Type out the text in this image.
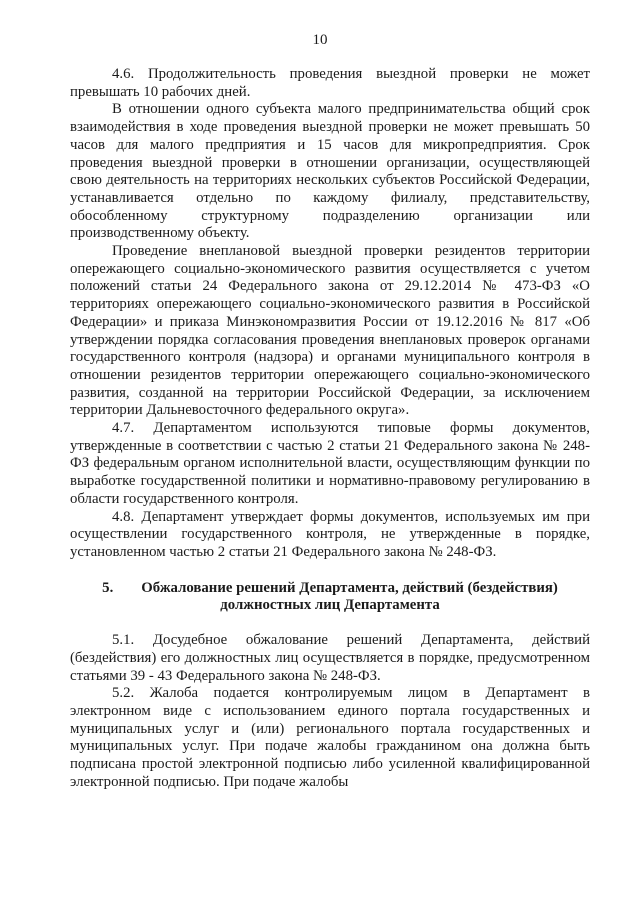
10

4.6. Продолжительность проведения выездной проверки не может превышать 10 рабочих дней.

В отношении одного субъекта малого предпринимательства общий срок взаимодействия в ходе проведения выездной проверки не может превышать 50 часов для малого предприятия и 15 часов для микропредприятия. Срок проведения выездной проверки в отношении организации, осуществляющей свою деятельность на территориях нескольких субъектов Российской Федерации, устанавливается отдельно по каждому филиалу, представительству, обособленному структурному подразделению организации или производственному объекту.

Проведение внеплановой выездной проверки резидентов территории опережающего социально-экономического развития осуществляется с учетом положений статьи 24 Федерального закона от 29.12.2014 № 473-ФЗ «О территориях опережающего социально-экономического развития в Российской Федерации» и приказа Минэкономразвития России от 19.12.2016 № 817 «Об утверждении порядка согласования проведения внеплановых проверок органами государственного контроля (надзора) и органами муниципального контроля в отношении резидентов территории опережающего социально-экономического развития, созданной на территории Российской Федерации, за исключением территории Дальневосточного федерального округа».

4.7. Департаментом используются типовые формы документов, утвержденные в соответствии с частью 2 статьи 21 Федерального закона № 248-ФЗ федеральным органом исполнительной власти, осуществляющим функции по выработке государственной политики и нормативно-правовому регулированию в области государственного контроля.

4.8. Департамент утверждает формы документов, используемых им при осуществлении государственного контроля, не утвержденные в порядке, установленном частью 2 статьи 21 Федерального закона № 248-ФЗ.

5. Обжалование решений Департамента, действий (бездействия)
должностных лиц Департамента

5.1. Досудебное обжалование решений Департамента, действий (бездействия) его должностных лиц осуществляется в порядке, предусмотренном статьями 39 - 43 Федерального закона № 248-ФЗ.

5.2. Жалоба подается контролируемым лицом в Департамент в электронном виде с использованием единого портала государственных и муниципальных услуг и (или) регионального портала государственных и муниципальных услуг. При подаче жалобы гражданином она должна быть подписана простой электронной подписью либо усиленной квалифицированной электронной подписью. При подаче жалобы
